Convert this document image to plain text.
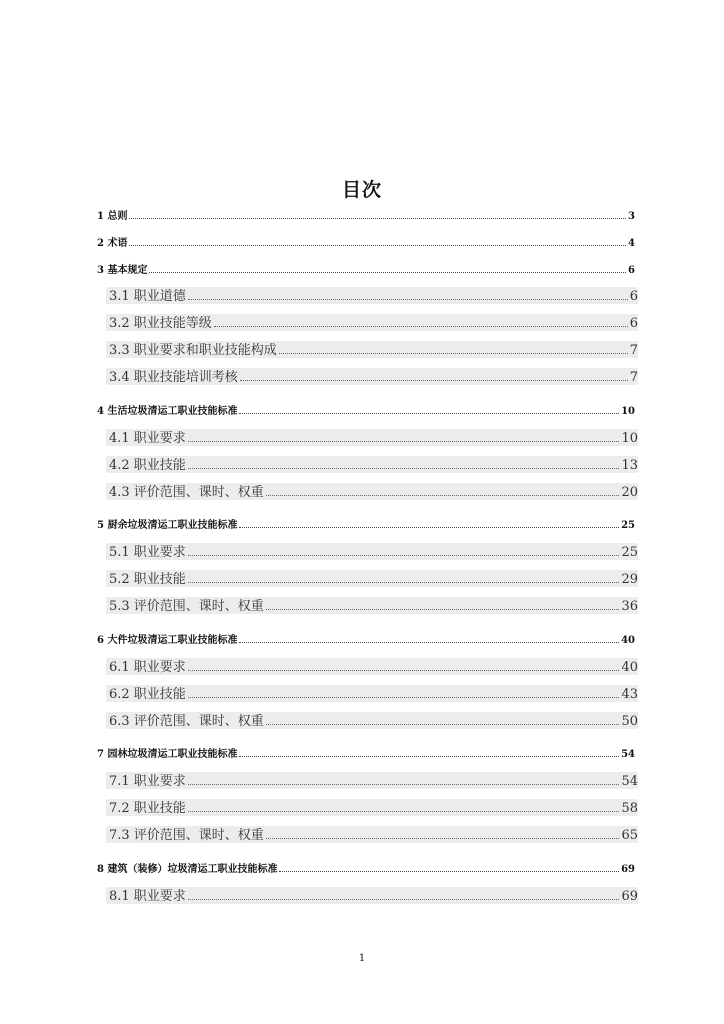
目次
1 总则	3
2 术语	4
3 基本规定	6
3.1 职业道德	6
3.2 职业技能等级	6
3.3 职业要求和职业技能构成	7
3.4 职业技能培训考核	7
4 生活垃圾清运工职业技能标准	10
4.1 职业要求	10
4.2 职业技能	13
4.3 评价范围、课时、权重	20
5 厨余垃圾清运工职业技能标准	25
5.1 职业要求	25
5.2 职业技能	29
5.3 评价范围、课时、权重	36
6 大件垃圾清运工职业技能标准	40
6.1 职业要求	40
6.2 职业技能	43
6.3 评价范围、课时、权重	50
7 园林垃圾清运工职业技能标准	54
7.1 职业要求	54
7.2 职业技能	58
7.3 评价范围、课时、权重	65
8 建筑（装修）垃圾清运工职业技能标准	69
8.1 职业要求	69
1
